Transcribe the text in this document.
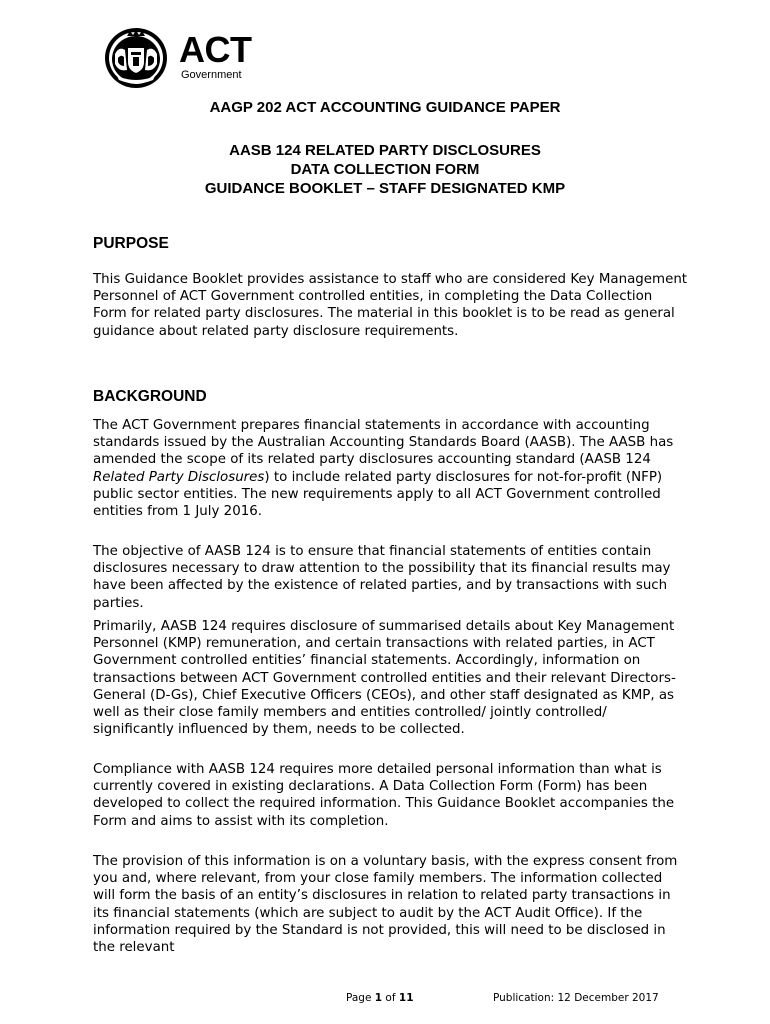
ACT
Government
AAGP 202 ACT ACCOUNTING GUIDANCE PAPER
AASB 124 RELATED PARTY DISCLOSURES
DATA COLLECTION FORM
GUIDANCE BOOKLET – STAFF DESIGNATED KMP
PURPOSE

This Guidance Booklet provides assistance to staff who are considered Key Management Personnel of ACT Government controlled entities, in completing the Data Collection Form for related party disclosures. The material in this booklet is to be read as general guidance about related party disclosure requirements.

BACKGROUND

The ACT Government prepares financial statements in accordance with accounting standards issued by the Australian Accounting Standards Board (AASB). The AASB has amended the scope of its related party disclosures accounting standard (AASB 124 Related Party Disclosures) to include related party disclosures for not-for-profit (NFP) public sector entities. The new requirements apply to all ACT Government controlled entities from 1 July 2016.

The objective of AASB 124 is to ensure that financial statements of entities contain disclosures necessary to draw attention to the possibility that its financial results may have been affected by the existence of related parties, and by transactions with such parties.

Primarily, AASB 124 requires disclosure of summarised details about Key Management Personnel (KMP) remuneration, and certain transactions with related parties, in ACT Government controlled entities’ financial statements. Accordingly, information on transactions between ACT Government controlled entities and their relevant Directors-General (D-Gs), Chief Executive Officers (CEOs), and other staff designated as KMP, as well as their close family members and entities controlled/ jointly controlled/ significantly influenced by them, needs to be collected.

Compliance with AASB 124 requires more detailed personal information than what is currently covered in existing declarations. A Data Collection Form (Form) has been developed to collect the required information. This Guidance Booklet accompanies the Form and aims to assist with its completion.

The provision of this information is on a voluntary basis, with the express consent from you and, where relevant, from your close family members. The information collected will form the basis of an entity’s disclosures in relation to related party transactions in its financial statements (which are subject to audit by the ACT Audit Office). If the information required by the Standard is not provided, this will need to be disclosed in the relevant

Page 1 of 11	Publication: 12 December 2017
